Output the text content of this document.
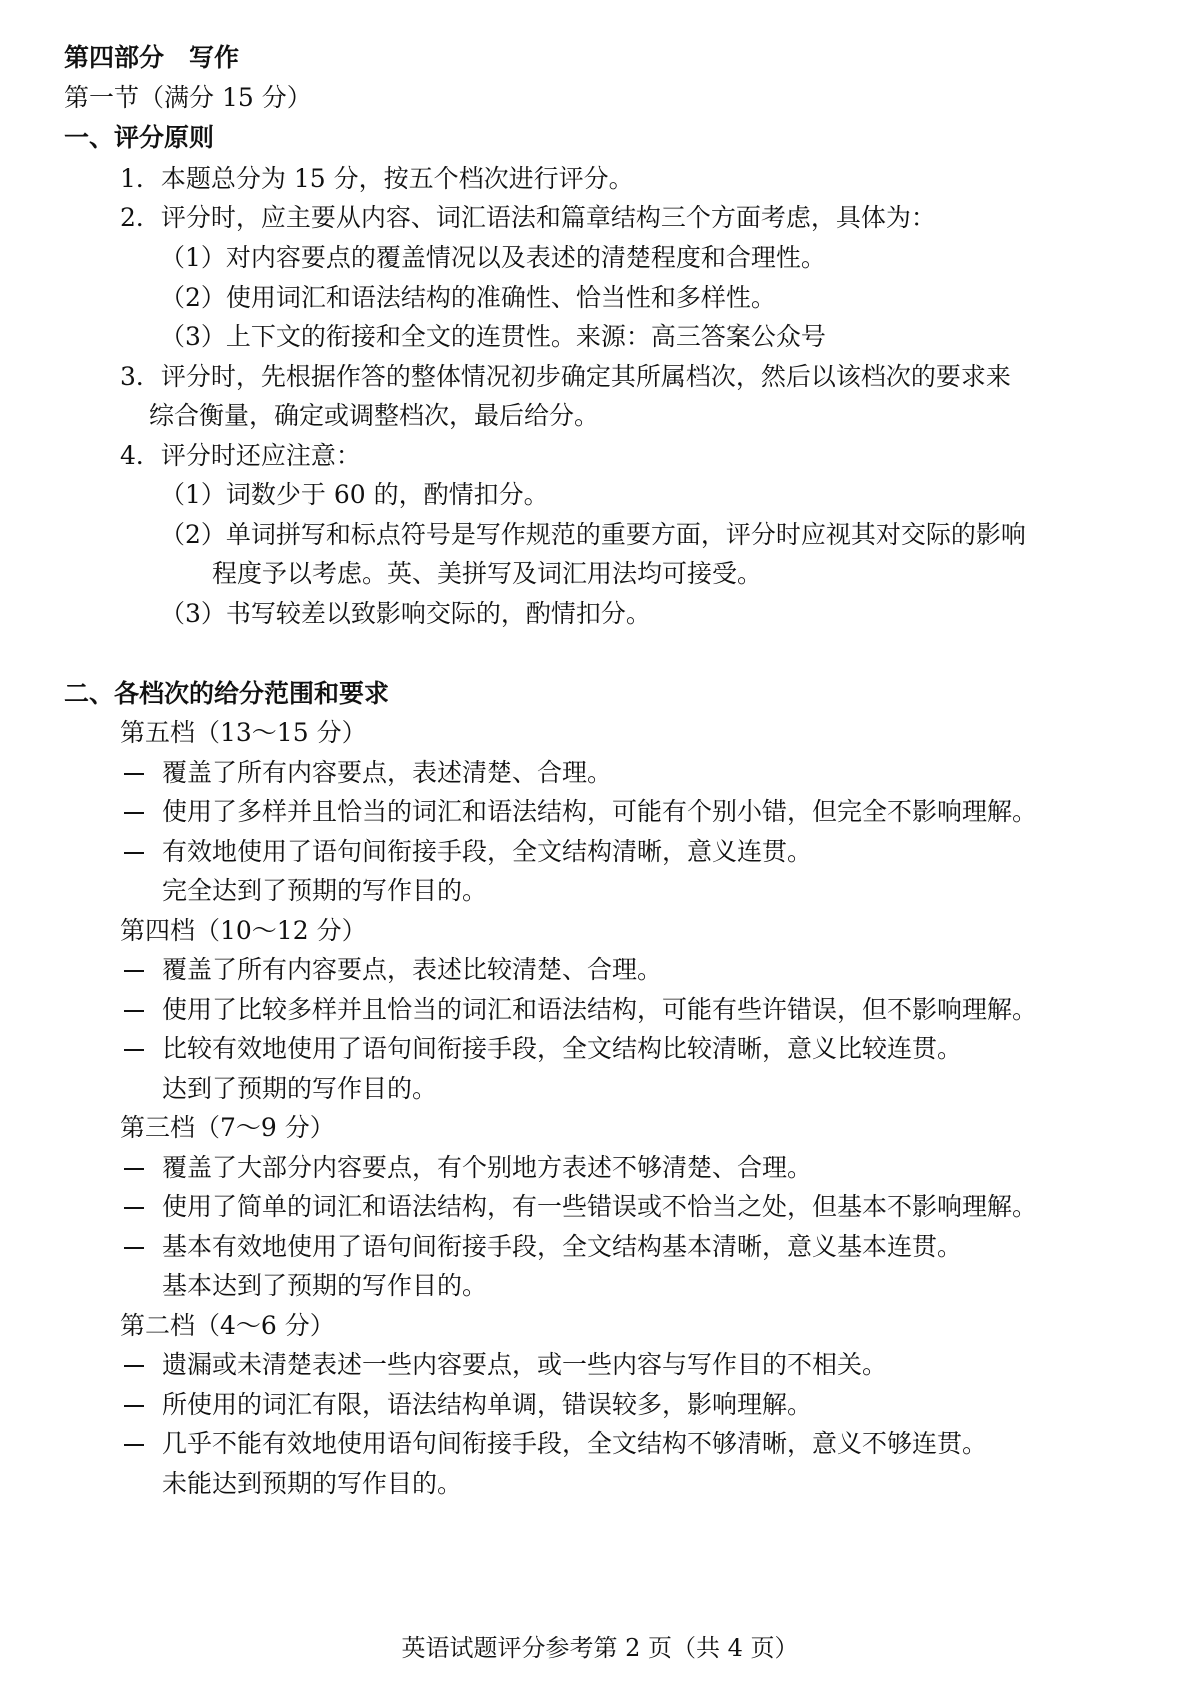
第四部分　写作
第一节（满分 15 分）
一、评分原则
1．本题总分为 15 分，按五个档次进行评分。
2．评分时，应主要从内容、词汇语法和篇章结构三个方面考虑，具体为：
（1）对内容要点的覆盖情况以及表述的清楚程度和合理性。
（2）使用词汇和语法结构的准确性、恰当性和多样性。
（3）上下文的衔接和全文的连贯性。来源：高三答案公众号
3．评分时，先根据作答的整体情况初步确定其所属档次，然后以该档次的要求来
综合衡量，确定或调整档次，最后给分。
4．评分时还应注意：
（1）词数少于 60 的，酌情扣分。
（2）单词拼写和标点符号是写作规范的重要方面，评分时应视其对交际的影响
程度予以考虑。英、美拼写及词汇用法均可接受。
（3）书写较差以致影响交际的，酌情扣分。
二、各档次的给分范围和要求
第五档（13～15 分）
覆盖了所有内容要点，表述清楚、合理。
使用了多样并且恰当的词汇和语法结构，可能有个别小错，但完全不影响理解。
有效地使用了语句间衔接手段，全文结构清晰，意义连贯。
完全达到了预期的写作目的。
第四档（10～12 分）
覆盖了所有内容要点，表述比较清楚、合理。
使用了比较多样并且恰当的词汇和语法结构，可能有些许错误，但不影响理解。
比较有效地使用了语句间衔接手段，全文结构比较清晰，意义比较连贯。
达到了预期的写作目的。
第三档（7～9 分）
覆盖了大部分内容要点，有个别地方表述不够清楚、合理。
使用了简单的词汇和语法结构，有一些错误或不恰当之处，但基本不影响理解。
基本有效地使用了语句间衔接手段，全文结构基本清晰，意义基本连贯。
基本达到了预期的写作目的。
第二档（4～6 分）
遗漏或未清楚表述一些内容要点，或一些内容与写作目的不相关。
所使用的词汇有限，语法结构单调，错误较多，影响理解。
几乎不能有效地使用语句间衔接手段，全文结构不够清晰，意义不够连贯。
未能达到预期的写作目的。
英语试题评分参考第 2 页（共 4 页）
